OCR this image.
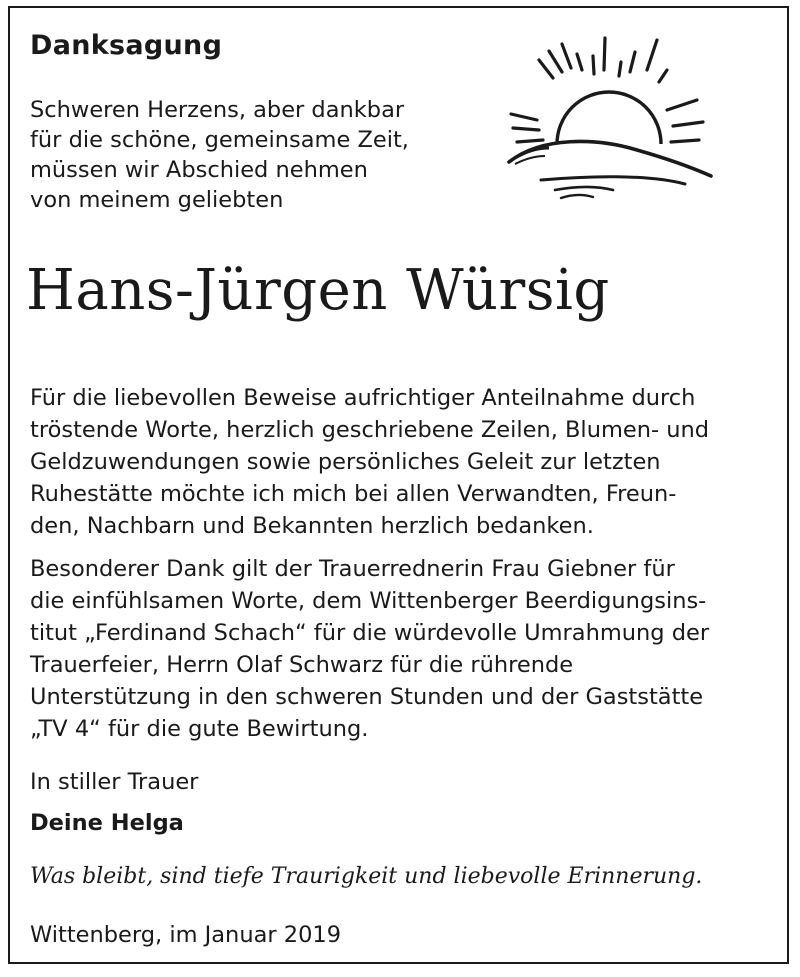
Danksagung
Schweren Herzens, aber dankbar
für die schöne, gemeinsame Zeit,
müssen wir Abschied nehmen
von meinem geliebten
Hans-Jürgen Würsig
Für die liebevollen Beweise aufrichtiger Anteilnahme durch
tröstende Worte, herzlich geschriebene Zeilen, Blumen- und
Geldzuwendungen sowie persönliches Geleit zur letzten
Ruhestätte möchte ich mich bei allen Verwandten, Freun-
den, Nachbarn und Bekannten herzlich bedanken.
Besonderer Dank gilt der Trauerrednerin Frau Giebner für
die einfühlsamen Worte, dem Wittenberger Beerdigungsins-
titut „Ferdinand Schach“ für die würdevolle Umrahmung der
Trauerfeier, Herrn Olaf Schwarz für die rührende
Unterstützung in den schweren Stunden und der Gaststätte
„TV 4“ für die gute Bewirtung.
In stiller Trauer
Deine Helga
Was bleibt, sind tiefe Traurigkeit und liebevolle Erinnerung.
Wittenberg, im Januar 2019
